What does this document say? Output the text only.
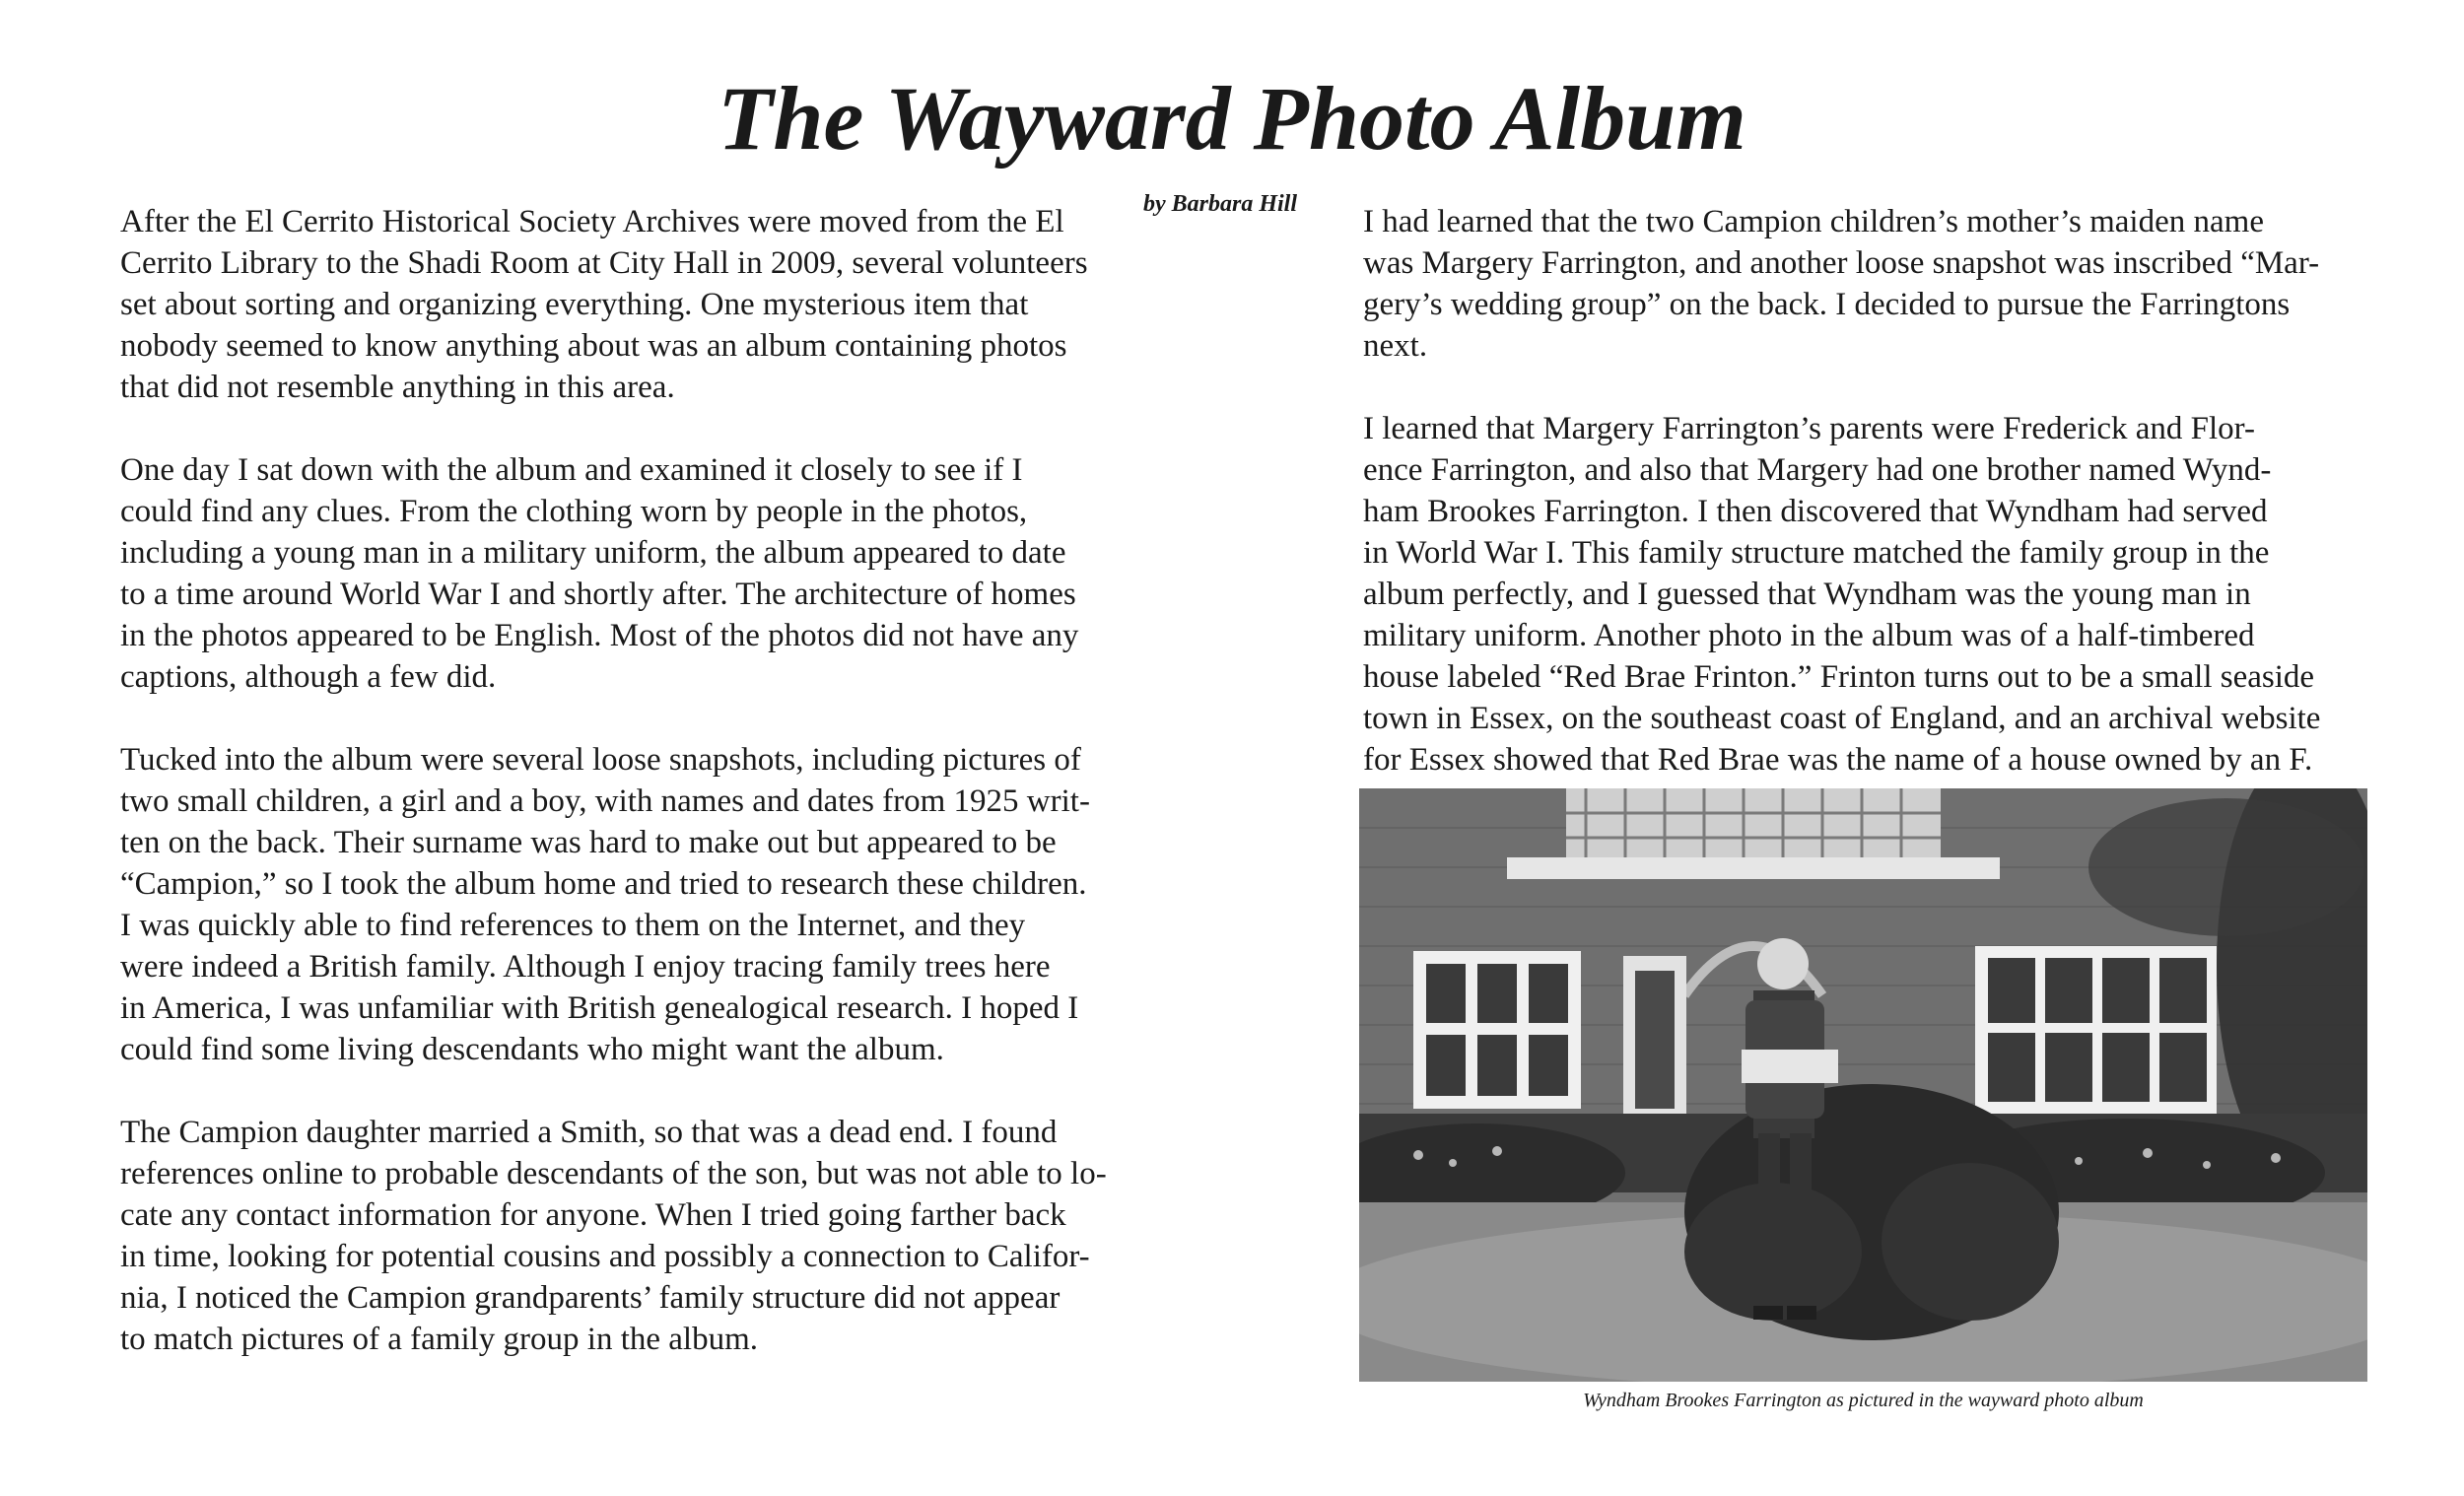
The Wayward Photo Album
by Barbara Hill

After the El Cerrito Historical Society Archives were moved from the El
Cerrito Library to the Shadi Room at City Hall in 2009, several volunteers
set about sorting and organizing everything. One mysterious item that
nobody seemed to know anything about was an album containing photos
that did not resemble anything in this area.

One day I sat down with the album and examined it closely to see if I
could find any clues. From the clothing worn by people in the photos,
including a young man in a military uniform, the album appeared to date
to a time around World War I and shortly after. The architecture of homes
in the photos appeared to be English. Most of the photos did not have any
captions, although a few did.

Tucked into the album were several loose snapshots, including pictures of
two small children, a girl and a boy, with names and dates from 1925 writ-
ten on the back. Their surname was hard to make out but appeared to be
“Campion,” so I took the album home and tried to research these children.
I was quickly able to find references to them on the Internet, and they
were indeed a British family. Although I enjoy tracing family trees here
in America, I was unfamiliar with British genealogical research. I hoped I
could find some living descendants who might want the album.

The Campion daughter married a Smith, so that was a dead end. I found
references online to probable descendants of the son, but was not able to lo-
cate any contact information for anyone. When I tried going farther back
in time, looking for potential cousins and possibly a connection to Califor-
nia, I noticed the Campion grandparents’ family structure did not appear
to match pictures of a family group in the album.

I had learned that the two Campion children’s mother’s maiden name
was Margery Farrington, and another loose snapshot was inscribed “Mar-
gery’s wedding group” on the back. I decided to pursue the Farringtons
next.

I learned that Margery Farrington’s parents were Frederick and Flor-
ence Farrington, and also that Margery had one brother named Wynd-
ham Brookes Farrington. I then discovered that Wyndham had served
in World War I. This family structure matched the family group in the
album perfectly, and I guessed that Wyndham was the young man in
military uniform. Another photo in the album was of a half-timbered
house labeled “Red Brae Frinton.” Frinton turns out to be a small seaside
town in Essex, on the southeast coast of England, and an archival website
for Essex showed that Red Brae was the name of a house owned by an F.

Wyndham Brookes Farrington as pictured in the wayward photo album
